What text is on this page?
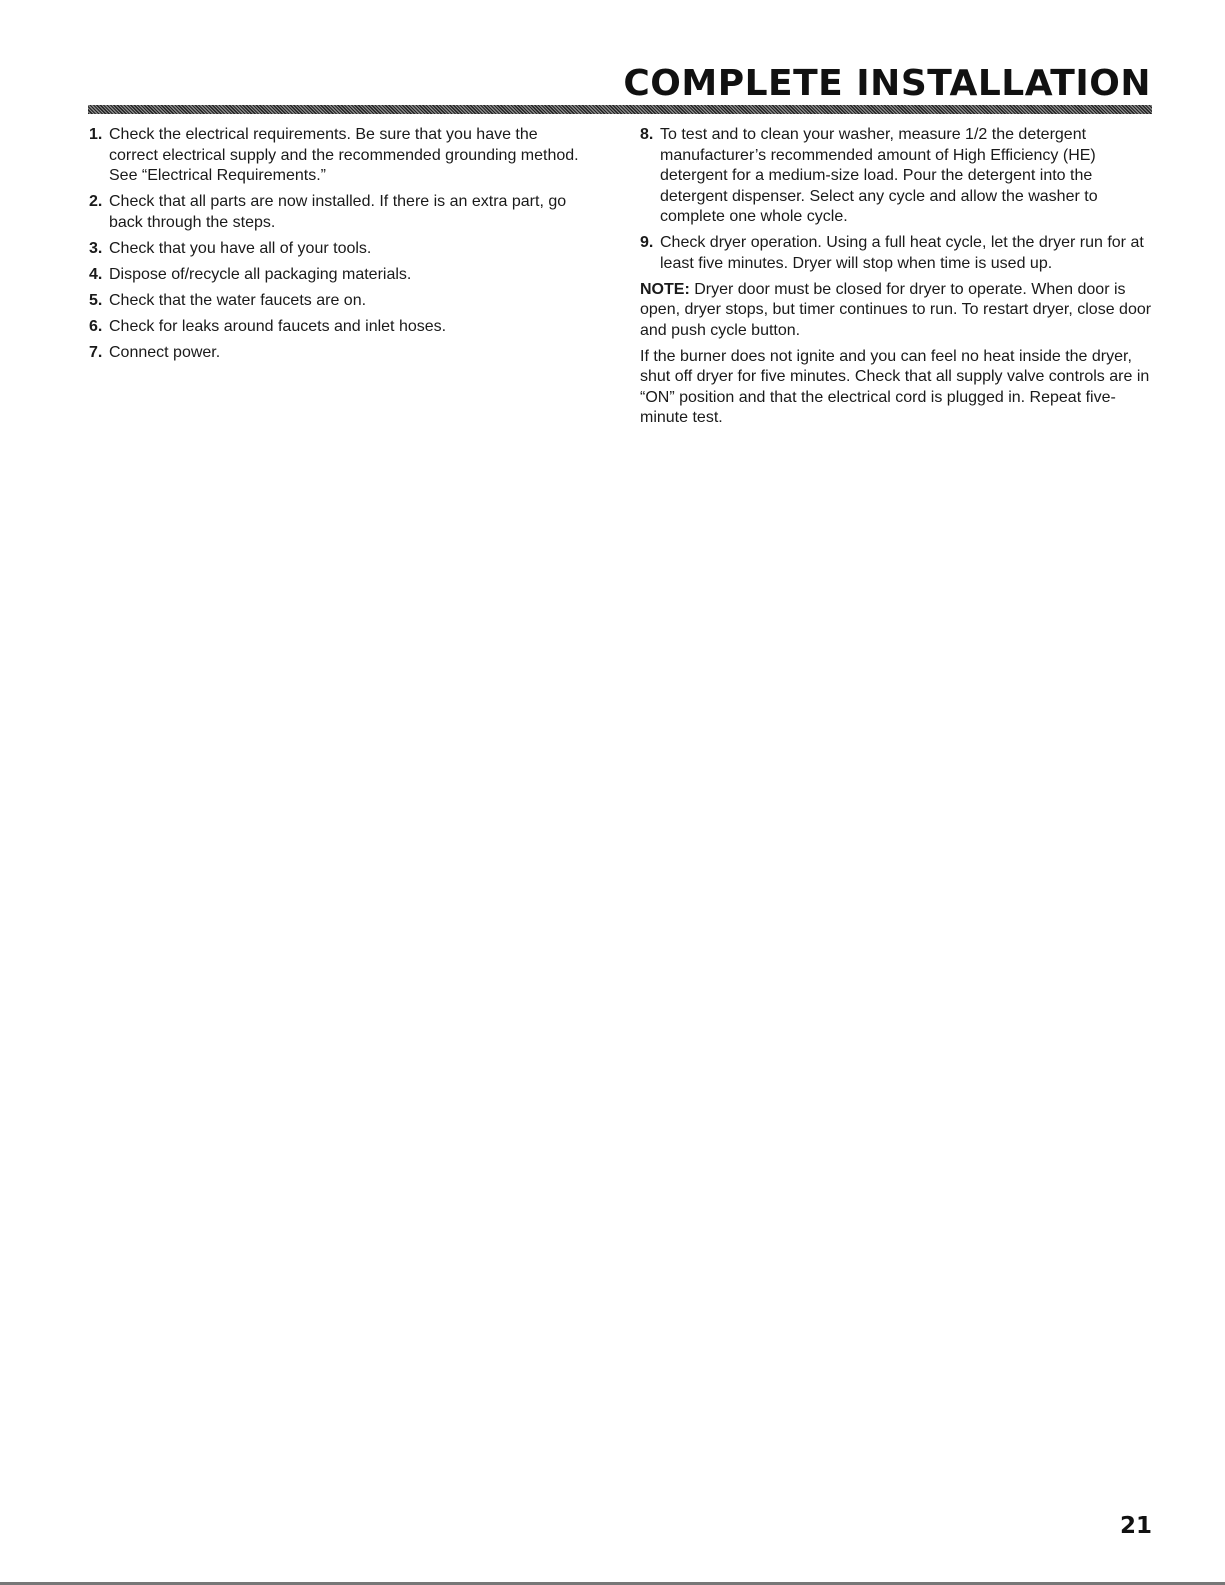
COMPLETE INSTALLATION
1. Check the electrical requirements. Be sure that you have the correct electrical supply and the recommended grounding method. See “Electrical Requirements.”
2. Check that all parts are now installed. If there is an extra part, go back through the steps.
3. Check that you have all of your tools.
4. Dispose of/recycle all packaging materials.
5. Check that the water faucets are on.
6. Check for leaks around faucets and inlet hoses.
7. Connect power.
8. To test and to clean your washer, measure 1/2 the detergent manufacturer’s recommended amount of High Efficiency (HE) detergent for a medium-size load. Pour the detergent into the detergent dispenser. Select any cycle and allow the washer to complete one whole cycle.
9. Check dryer operation. Using a full heat cycle, let the dryer run for at least five minutes. Dryer will stop when time is used up.

NOTE: Dryer door must be closed for dryer to operate. When door is open, dryer stops, but timer continues to run. To restart dryer, close door and push cycle button.

If the burner does not ignite and you can feel no heat inside the dryer, shut off dryer for five minutes. Check that all supply valve controls are in “ON” position and that the electrical cord is plugged in. Repeat five-minute test.

21
